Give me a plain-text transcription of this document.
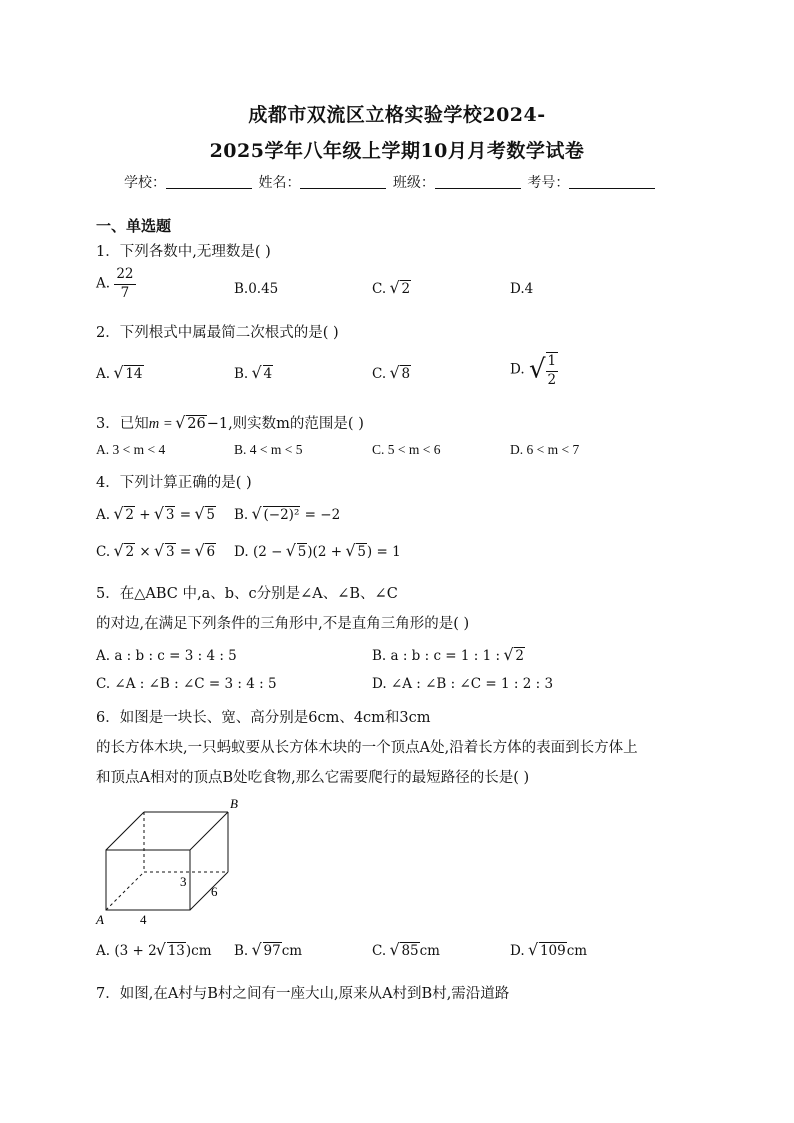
成都市双流区立格实验学校2024-
2025学年八年级上学期10月月考数学试卷
学校：	姓名：	班级：	考号：
一、单选题
1．下列各数中,无理数是( )
A. $\frac{22}{7}$	B.0.45	C. √ 2	D.4
2．下列根式中属最简二次根式的是( )
A. √ 14	B. √ 4	C. √ 8	D. √ $\frac{1}{2}$
3．已知m = √ 26−1,则实数m的范围是( )
A. 3 < m < 4	B. 4 < m < 5	C. 5 < m < 6	D. 6 < m < 7
4．下列计算正确的是( )
A. √ 2 + √ 3 = √ 5 B. √ (−2)² = −2
C. √ 2 × √ 3 = √ 6 D. (2 − √ 5)(2 + √ 5) = 1
5．在△ABC 中,a、b、c分别是∠A、∠B、∠C
的对边,在满足下列条件的三角形中,不是直角三角形的是( )
A. a : b : c = 3 : 4 : 5	B. a : b : c = 1 : 1 : √ 2
C. ∠A : ∠B : ∠C = 3 : 4 : 5	D. ∠A : ∠B : ∠C = 1 : 2 : 3
6．如图是一块长、宽、高分别是6cm、4cm和3cm
的长方体木块,一只蚂蚁要从长方体木块的一个顶点A处,沿着长方体的表面到长方体上
和顶点A相对的顶点B处吃食物,那么它需要爬行的最短路径的长是( )
A
B
4
3
6
A. (3 + 2 √ 13)cm B. √ 97cm	C. √ 85cm	D. √ 109cm
7．如图,在A村与B村之间有一座大山,原来从A村到B村,需沿道路
